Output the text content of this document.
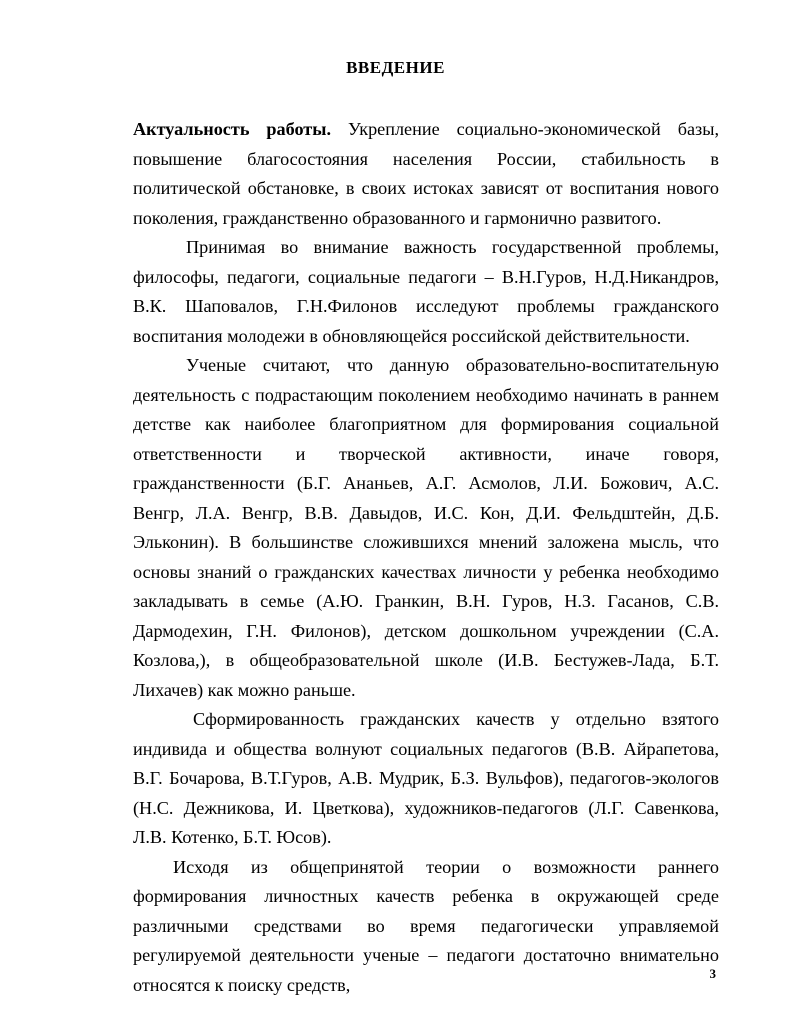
ВВЕДЕНИЕ

Актуальность работы. Укрепление социально-экономической базы, повышение благосостояния населения России, стабильность в политической обстановке, в своих истоках зависят от воспитания нового поколения, гражданственно образованного и гармонично развитого.

Принимая во внимание важность государственной проблемы, философы, педагоги, социальные педагоги – В.Н.Гуров, Н.Д.Никандров, В.К. Шаповалов, Г.Н.Филонов исследуют проблемы гражданского воспитания молодежи в обновляющейся российской действительности.

Ученые считают, что данную образовательно-воспитательную деятельность с подрастающим поколением необходимо начинать в раннем детстве как наиболее благоприятном для формирования социальной ответственности и творческой активности, иначе говоря, гражданственности (Б.Г. Ананьев, А.Г. Асмолов, Л.И. Божович, А.С. Венгр, Л.А. Венгр, В.В. Давыдов, И.С. Кон, Д.И. Фельдштейн, Д.Б. Эльконин). В большинстве сложившихся мнений заложена мысль, что основы знаний о гражданских качествах личности у ребенка необходимо закладывать в семье (А.Ю. Гранкин, В.Н. Гуров, Н.З. Гасанов, С.В. Дармодехин, Г.Н. Филонов), детском дошкольном учреждении (С.А. Козлова,), в общеобразовательной школе (И.В. Бестужев-Лада, Б.Т. Лихачев) как можно раньше.

Сформированность гражданских качеств у отдельно взятого индивида и общества волнуют социальных педагогов (В.В. Айрапетова, В.Г. Бочарова, В.Т.Гуров, А.В. Мудрик, Б.З. Вульфов), педагогов-экологов (Н.С. Дежникова, И. Цветкова), художников-педагогов (Л.Г. Савенкова, Л.В. Котенко, Б.Т. Юсов).

Исходя из общепринятой теории о возможности раннего формирования личностных качеств ребенка в окружающей среде различными средствами во время педагогически управляемой регулируемой деятельности ученые – педагоги достаточно внимательно относятся к поиску средств,

3
